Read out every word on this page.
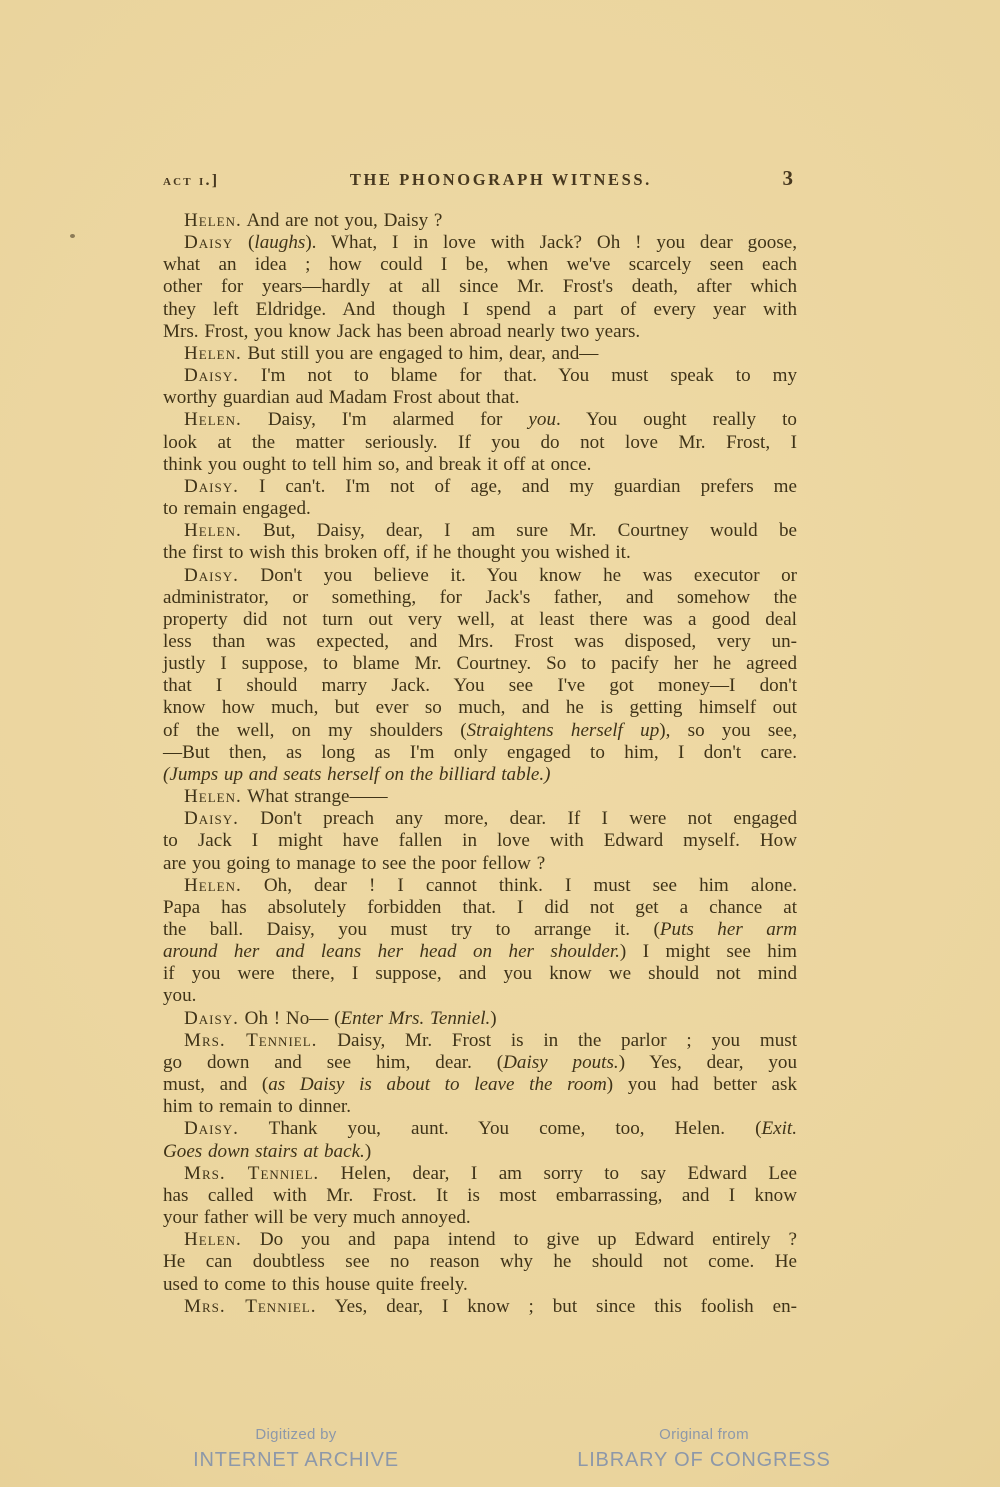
act i.]	THE PHONOGRAPH WITNESS.	3
Helen. And are not you, Daisy ?
Daisy (laughs). What, I in love with Jack? Oh ! you dear goose,
what an idea ; how could I be, when we've scarcely seen each
other for years—hardly at all since Mr. Frost's death, after which
they left Eldridge. And though I spend a part of every year with
Mrs. Frost, you know Jack has been abroad nearly two years.
Helen. But still you are engaged to him, dear, and—
Daisy. I'm not to blame for that. You must speak to my
worthy guardian aud Madam Frost about that.
Helen. Daisy, I'm alarmed for you. You ought really to
look at the matter seriously. If you do not love Mr. Frost, I
think you ought to tell him so, and break it off at once.
Daisy. I can't. I'm not of age, and my guardian prefers me
to remain engaged.
Helen. But, Daisy, dear, I am sure Mr. Courtney would be
the first to wish this broken off, if he thought you wished it.
Daisy. Don't you believe it. You know he was executor or
administrator, or something, for Jack's father, and somehow the
property did not turn out very well, at least there was a good deal
less than was expected, and Mrs. Frost was disposed, very un-
justly I suppose, to blame Mr. Courtney. So to pacify her he agreed
that I should marry Jack. You see I've got money—I don't
know how much, but ever so much, and he is getting himself out
of the well, on my shoulders (Straightens herself up), so you see,
—But then, as long as I'm only engaged to him, I don't care.
(Jumps up and seats herself on the billiard table.)
Helen. What strange——
Daisy. Don't preach any more, dear. If I were not engaged
to Jack I might have fallen in love with Edward myself. How
are you going to manage to see the poor fellow ?
Helen. Oh, dear ! I cannot think. I must see him alone.
Papa has absolutely forbidden that. I did not get a chance at
the ball. Daisy, you must try to arrange it. (Puts her arm
around her and leans her head on her shoulder.) I might see him
if you were there, I suppose, and you know we should not mind
you.
Daisy. Oh ! No— (Enter Mrs. Tenniel.)
Mrs. Tenniel. Daisy, Mr. Frost is in the parlor ; you must
go down and see him, dear. (Daisy pouts.) Yes, dear, you
must, and (as Daisy is about to leave the room) you had better ask
him to remain to dinner.
Daisy. Thank you, aunt. You come, too, Helen. (Exit.
Goes down stairs at back.)
Mrs. Tenniel. Helen, dear, I am sorry to say Edward Lee
has called with Mr. Frost. It is most embarrassing, and I know
your father will be very much annoyed.
Helen. Do you and papa intend to give up Edward entirely ?
He can doubtless see no reason why he should not come. He
used to come to this house quite freely.
Mrs. Tenniel. Yes, dear, I know ; but since this foolish en-
Digitized by
INTERNET ARCHIVE
Original from
LIBRARY OF CONGRESS
